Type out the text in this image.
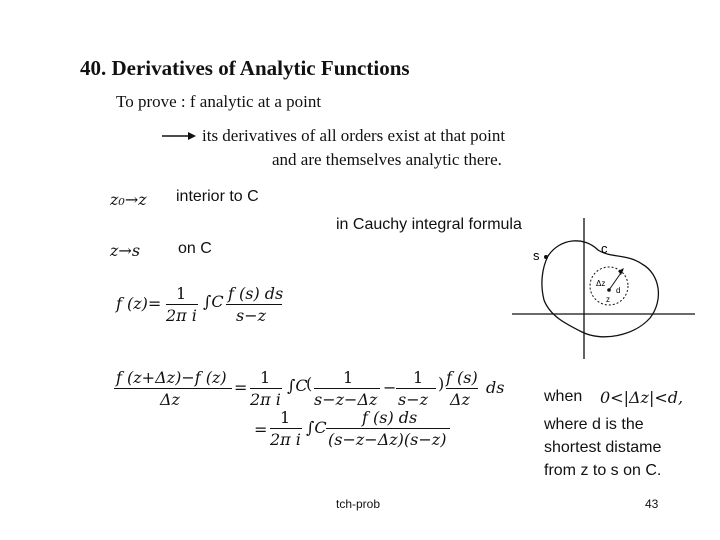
40. Derivatives of Analytic Functions
To prove : f analytic at a point
its derivatives of all orders exist at that point
and are themselves analytic there.
z₀→z interior to C
z→s on C
in Cauchy integral formula
f (z)=
1
2π i
∫C f (s) ds
s−z
s	c
Δz
d
z
f (z+Δz)−f (z)
Δz
=
1
2π i
∫C
( 1
s−z−Δz
−
1
s−z
) f (s)
Δz
ds
=
1
2π i
∫C
f (s) ds
(s−z−Δz)(s−z)
when 0<|Δz|<d,
where d is the
shortest distame
from z to s on C.
tch-prob	43
